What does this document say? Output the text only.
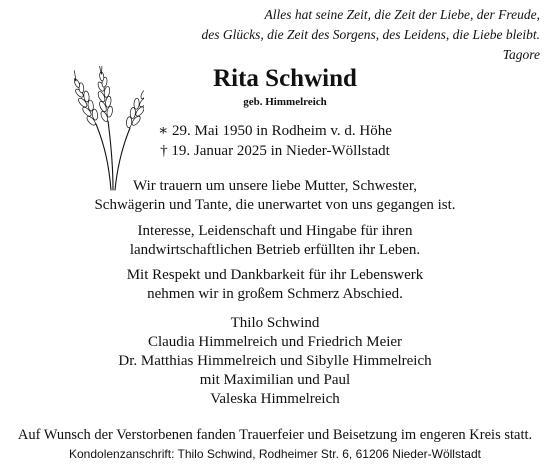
Alles hat seine Zeit, die Zeit der Liebe, der Freude,
des Glücks, die Zeit des Sorgens, des Leidens, die Liebe bleibt.
Tagore
Rita Schwind
geb. Himmelreich
∗ 29. Mai 1950 in Rodheim v. d. Höhe
† 19. Januar 2025 in Nieder-Wöllstadt
Wir trauern um unsere liebe Mutter, Schwester,
Schwägerin und Tante, die unerwartet von uns gegangen ist.
Interesse, Leidenschaft und Hingabe für ihren
landwirtschaftlichen Betrieb erfüllten ihr Leben.
Mit Respekt und Dankbarkeit für ihr Lebenswerk
nehmen wir in großem Schmerz Abschied.
Thilo Schwind
Claudia Himmelreich und Friedrich Meier
Dr. Matthias Himmelreich und Sibylle Himmelreich
mit Maximilian und Paul
Valeska Himmelreich
Auf Wunsch der Verstorbenen fanden Trauerfeier und Beisetzung im engeren Kreis statt.
Kondolenzanschrift: Thilo Schwind, Rodheimer Str. 6, 61206 Nieder-Wöllstadt
